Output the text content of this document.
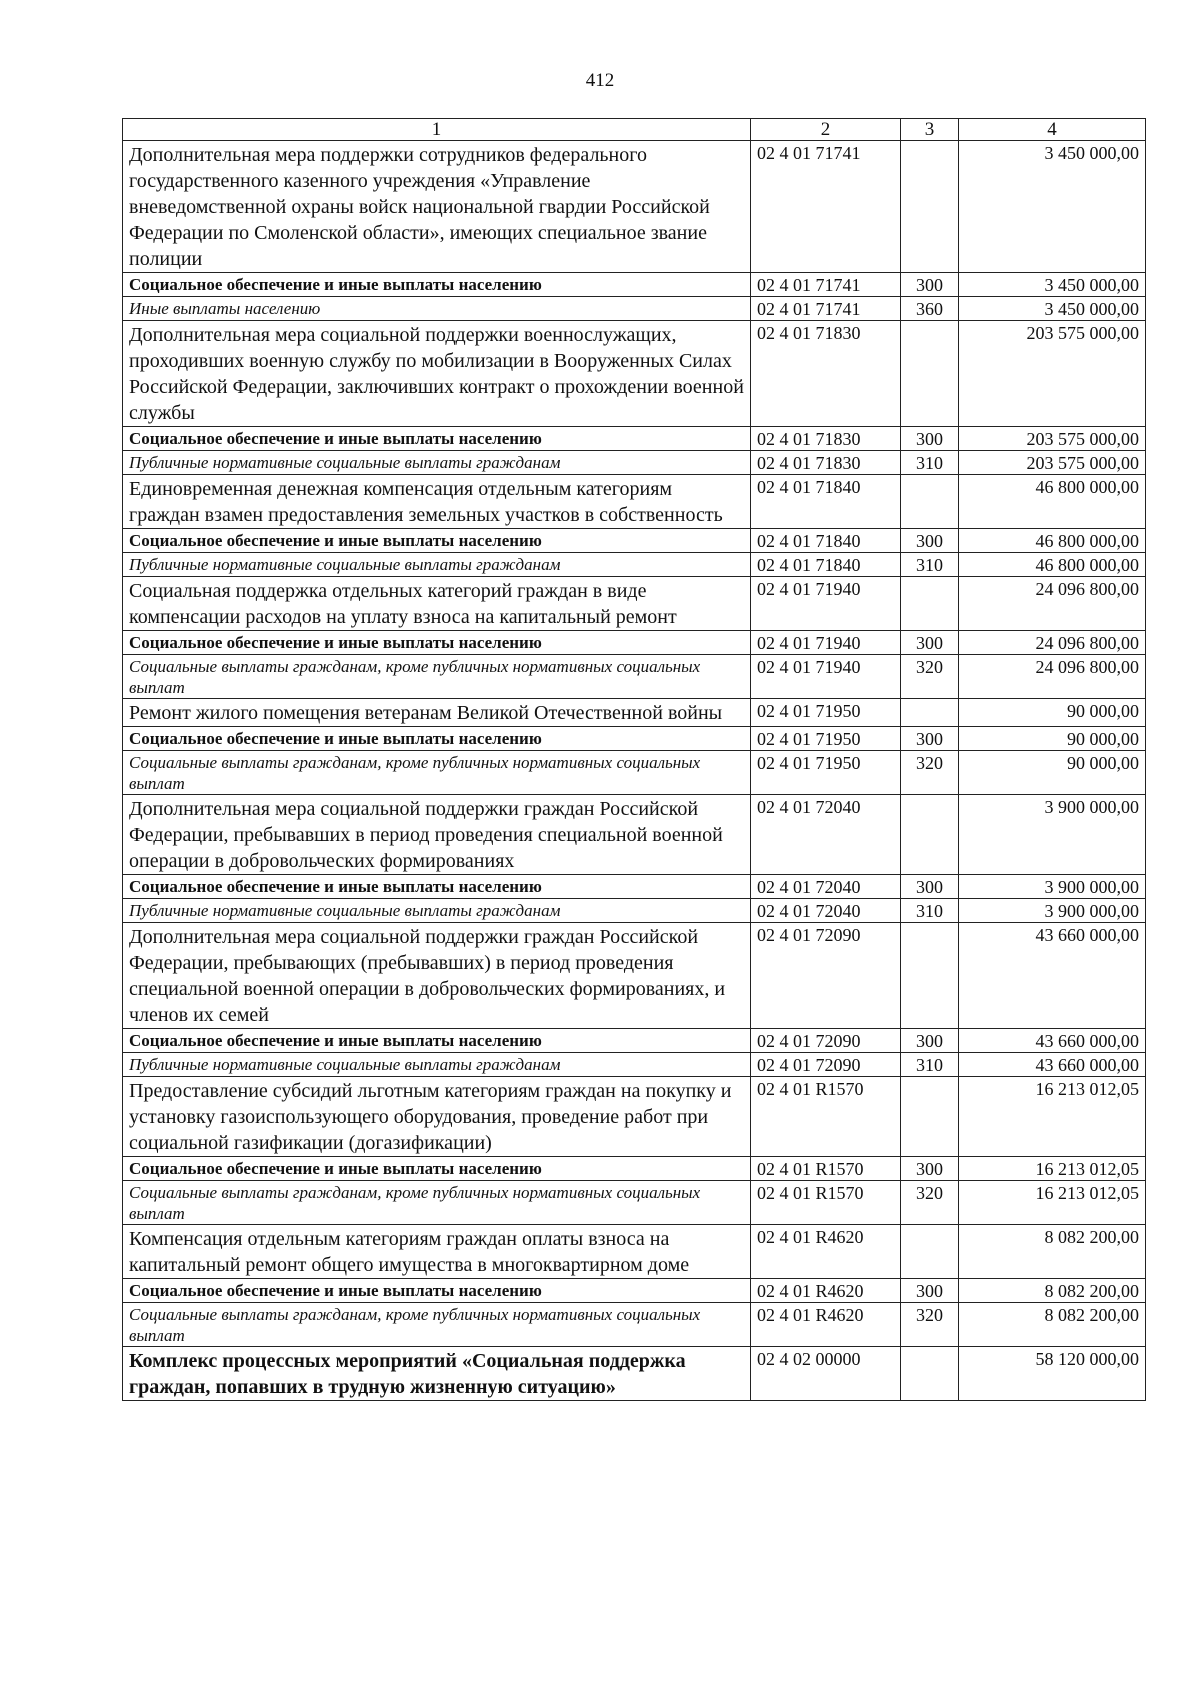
412
1	2	3	4
Дополнительная мера поддержки сотрудников федерального государственного казенного учреждения «Управление вневедомственной охраны войск национальной гвардии Российской Федерации по Смоленской области», имеющих специальное звание полиции	02 4 01 71741		3 450 000,00
Социальное обеспечение и иные выплаты населению	02 4 01 71741	300	3 450 000,00
Иные выплаты населению	02 4 01 71741	360	3 450 000,00
Дополнительная мера социальной поддержки военнослужащих, проходивших военную службу по мобилизации в Вооруженных Силах Российской Федерации, заключивших контракт о прохождении военной службы	02 4 01 71830		203 575 000,00
Социальное обеспечение и иные выплаты населению	02 4 01 71830	300	203 575 000,00
Публичные нормативные социальные выплаты гражданам	02 4 01 71830	310	203 575 000,00
Единовременная денежная компенсация отдельным категориям граждан взамен предоставления земельных участков в собственность	02 4 01 71840		46 800 000,00
Социальное обеспечение и иные выплаты населению	02 4 01 71840	300	46 800 000,00
Публичные нормативные социальные выплаты гражданам	02 4 01 71840	310	46 800 000,00
Социальная поддержка отдельных категорий граждан в виде компенсации расходов на уплату взноса на капитальный ремонт	02 4 01 71940		24 096 800,00
Социальное обеспечение и иные выплаты населению	02 4 01 71940	300	24 096 800,00
Социальные выплаты гражданам, кроме публичных нормативных социальных выплат	02 4 01 71940	320	24 096 800,00
Ремонт жилого помещения ветеранам Великой Отечественной войны	02 4 01 71950		90 000,00
Социальное обеспечение и иные выплаты населению	02 4 01 71950	300	90 000,00
Социальные выплаты гражданам, кроме публичных нормативных социальных выплат	02 4 01 71950	320	90 000,00
Дополнительная мера социальной поддержки граждан Российской Федерации, пребывавших в период проведения специальной военной операции в добровольческих формированиях	02 4 01 72040		3 900 000,00
Социальное обеспечение и иные выплаты населению	02 4 01 72040	300	3 900 000,00
Публичные нормативные социальные выплаты гражданам	02 4 01 72040	310	3 900 000,00
Дополнительная мера социальной поддержки граждан Российской Федерации, пребывающих (пребывавших) в период проведения специальной военной операции в добровольческих формированиях, и членов их семей	02 4 01 72090		43 660 000,00
Социальное обеспечение и иные выплаты населению	02 4 01 72090	300	43 660 000,00
Публичные нормативные социальные выплаты гражданам	02 4 01 72090	310	43 660 000,00
Предоставление субсидий льготным категориям граждан на покупку и установку газоиспользующего оборудования, проведение работ при социальной газификации (догазификации)	02 4 01 R1570		16 213 012,05
Социальное обеспечение и иные выплаты населению	02 4 01 R1570	300	16 213 012,05
Социальные выплаты гражданам, кроме публичных нормативных социальных выплат	02 4 01 R1570	320	16 213 012,05
Компенсация отдельным категориям граждан оплаты взноса на капитальный ремонт общего имущества в многоквартирном доме	02 4 01 R4620		8 082 200,00
Социальное обеспечение и иные выплаты населению	02 4 01 R4620	300	8 082 200,00
Социальные выплаты гражданам, кроме публичных нормативных социальных выплат	02 4 01 R4620	320	8 082 200,00
Комплекс процессных мероприятий «Социальная поддержка граждан, попавших в трудную жизненную ситуацию»	02 4 02 00000		58 120 000,00
